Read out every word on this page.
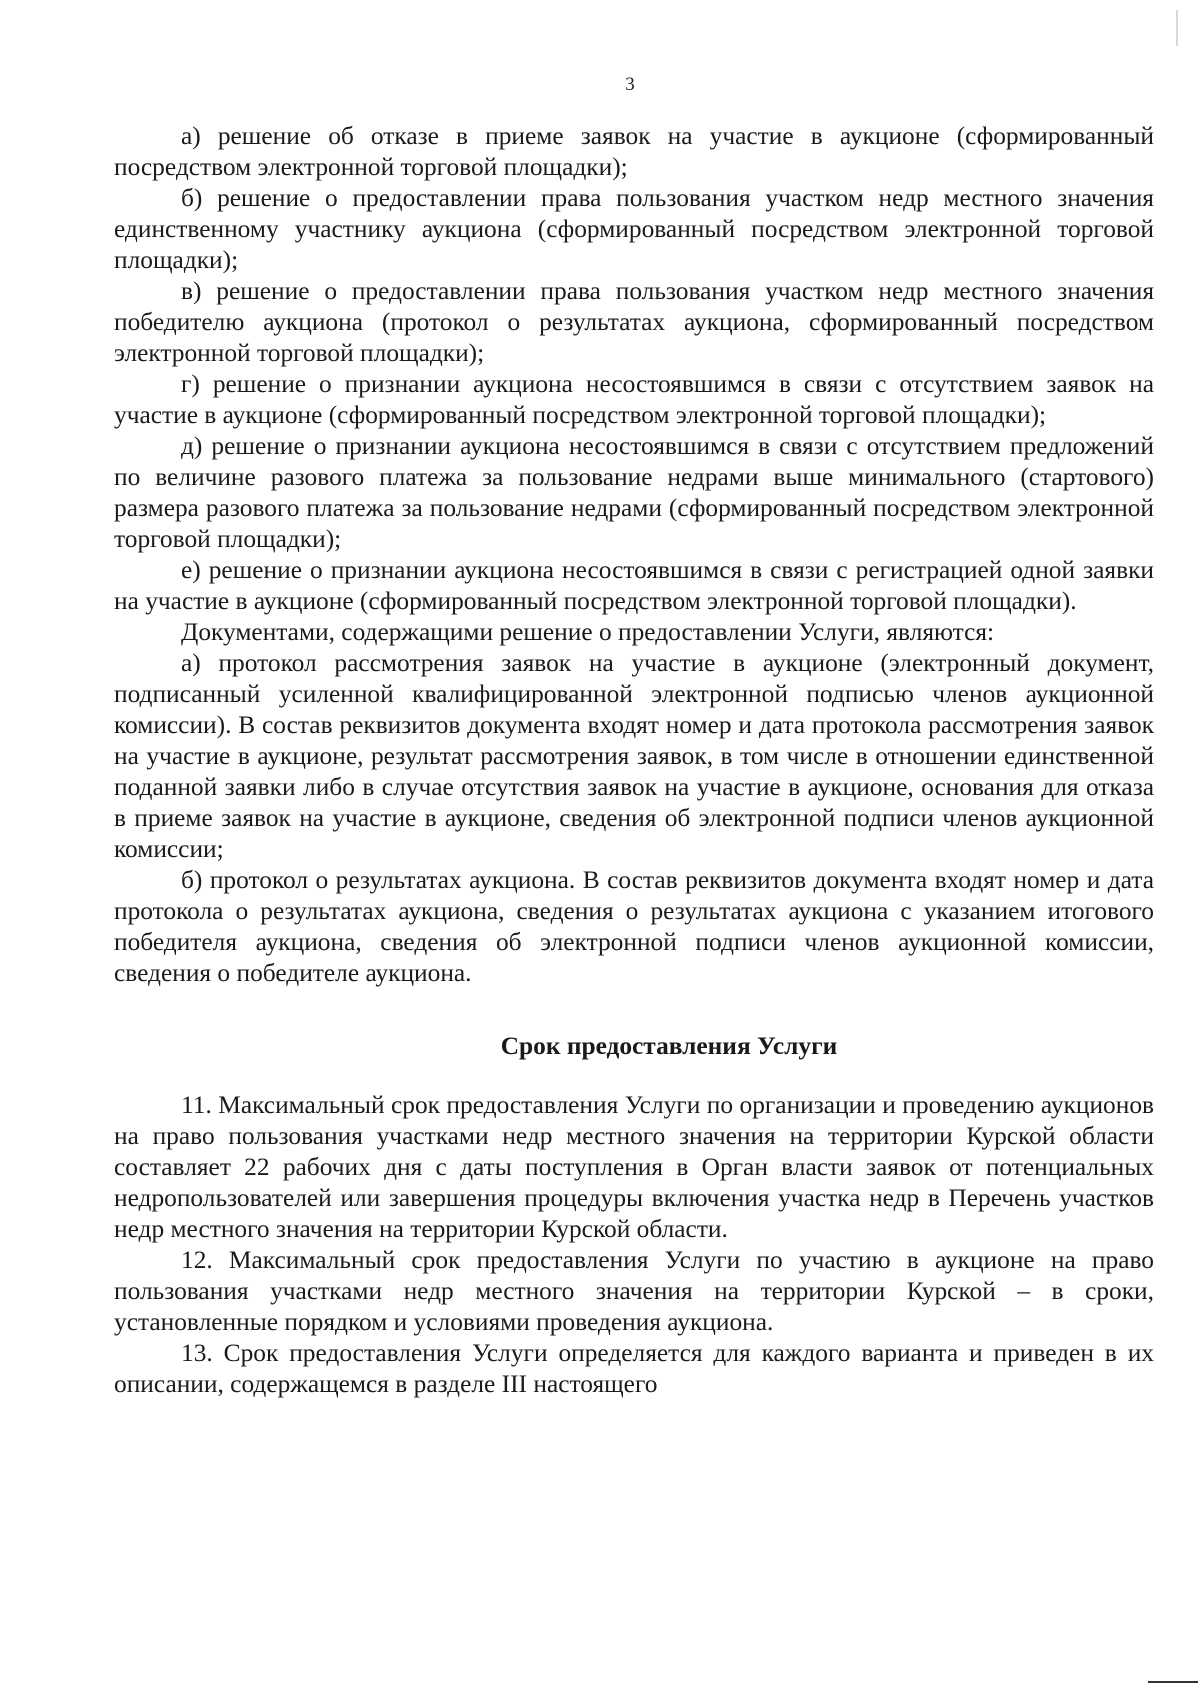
3

а) решение об отказе в приеме заявок на участие в аукционе (сформированный посредством электронной торговой площадки);

б) решение о предоставлении права пользования участком недр местного значения единственному участнику аукциона (сформированный посредством электронной торговой площадки);

в) решение о предоставлении права пользования участком недр местного значения победителю аукциона (протокол о результатах аукциона, сформированный посредством электронной торговой площадки);

г) решение о признании аукциона несостоявшимся в связи с отсутствием заявок на участие в аукционе (сформированный посредством электронной торговой площадки);

д) решение о признании аукциона несостоявшимся в связи с отсутствием предложений по величине разового платежа за пользование недрами выше минимального (стартового) размера разового платежа за пользование недрами (сформированный посредством электронной торговой площадки);

е) решение о признании аукциона несостоявшимся в связи с регистрацией одной заявки на участие в аукционе (сформированный посредством электронной торговой площадки).

Документами, содержащими решение о предоставлении Услуги, являются:

а) протокол рассмотрения заявок на участие в аукционе (электронный документ, подписанный усиленной квалифицированной электронной подписью членов аукционной комиссии). В состав реквизитов документа входят номер и дата протокола рассмотрения заявок на участие в аукционе, результат рассмотрения заявок, в том числе в отношении единственной поданной заявки либо в случае отсутствия заявок на участие в аукционе, основания для отказа в приеме заявок на участие в аукционе, сведения об электронной подписи членов аукционной комиссии;

б) протокол о результатах аукциона. В состав реквизитов документа входят номер и дата протокола о результатах аукциона, сведения о результатах аукциона с указанием итогового победителя аукциона, сведения об электронной подписи членов аукционной комиссии, сведения о победителе аукциона.

Срок предоставления Услуги

11. Максимальный срок предоставления Услуги по организации и проведению аукционов на право пользования участками недр местного значения на территории Курской области составляет 22 рабочих дня с даты поступления в Орган власти заявок от потенциальных недропользователей или завершения процедуры включения участка недр в Перечень участков недр местного значения на территории Курской области.

12. Максимальный срок предоставления Услуги по участию в аукционе на право пользования участками недр местного значения на территории Курской – в сроки, установленные порядком и условиями проведения аукциона.

13. Срок предоставления Услуги определяется для каждого варианта и приведен в их описании, содержащемся в разделе III настоящего
